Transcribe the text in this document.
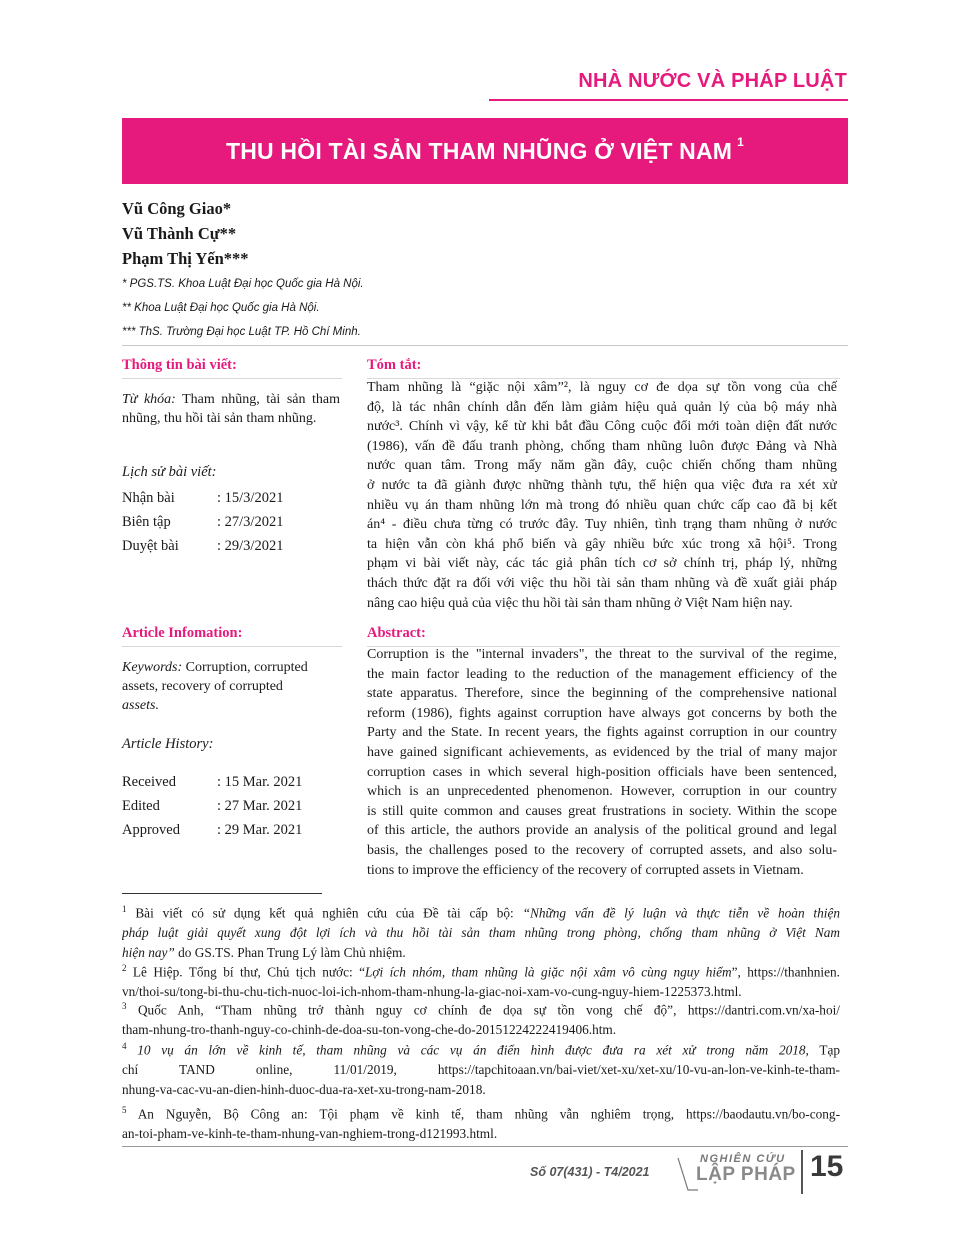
NHÀ NƯỚC VÀ PHÁP LUẬT
THU HỒI TÀI SẢN THAM NHŨNG Ở VIỆT NAM $^1$
Vũ Công Giao*
Vũ Thành Cự**
Phạm Thị Yến***
* PGS.TS. Khoa Luật Đại học Quốc gia Hà Nội.
** Khoa Luật Đại học Quốc gia Hà Nội.
*** ThS. Trường Đại học Luật TP. Hồ Chí Minh.
Thông tin bài viết:
Từ khóa: Tham nhũng, tài sản tham nhũng, thu hồi tài sản tham nhũng.
Lịch sử bài viết:
Nhận bài	: 15/3/2021
Biên tập	: 27/3/2021
Duyệt bài	: 29/3/2021
Tóm tắt:
Tham nhũng là “giặc nội xâm”², là nguy cơ đe dọa sự tồn vong của chế
độ, là tác nhân chính dẫn đến làm giảm hiệu quả quản lý của bộ máy nhà
nước³. Chính vì vậy, kể từ khi bắt đầu Công cuộc đổi mới toàn diện đất nước
(1986), vấn đề đấu tranh phòng, chống tham nhũng luôn được Đảng và Nhà
nước quan tâm. Trong mấy năm gần đây, cuộc chiến chống tham nhũng
ở nước ta đã giành được những thành tựu, thể hiện qua việc đưa ra xét xử
nhiều vụ án tham nhũng lớn mà trong đó nhiều quan chức cấp cao đã bị kết
án⁴ - điều chưa từng có trước đây. Tuy nhiên, tình trạng tham nhũng ở nước
ta hiện vẫn còn khá phổ biến và gây nhiều bức xúc trong xã hội⁵. Trong
phạm vi bài viết này, các tác giả phân tích cơ sở chính trị, pháp lý, những
thách thức đặt ra đối với việc thu hồi tài sản tham nhũng và đề xuất giải pháp
nâng cao hiệu quả của việc thu hồi tài sản tham nhũng ở Việt Nam hiện nay.
Article Infomation:
Keywords: Corruption, corrupted assets, recovery of corrupted
assets.
Article History:
Received	: 15 Mar. 2021
Edited	: 27 Mar. 2021
Approved	: 29 Mar. 2021
Abstract:
Corruption is the "internal invaders", the threat to the survival of the regime,
the main factor leading to the reduction of the management efficiency of the
state apparatus. Therefore, since the beginning of the comprehensive national
reform (1986), fights against corruption have always got concerns by both the
Party and the State. In recent years, the fights against corruption in our country
have gained significant achievements, as evidenced by the trial of many major
corruption cases in which several high-position officials have been sentenced,
which is an unprecedented phenomenon. However, corruption in our country
is still quite common and causes great frustrations in society. Within the scope
of this article, the authors provide an analysis of the political ground and legal
basis, the challenges posed to the recovery of corrupted assets, and also solu-
tions to improve the efficiency of the recovery of corrupted assets in Vietnam.
$^1$ Bài viết có sử dụng kết quả nghiên cứu của Đề tài cấp bộ: “Những vấn đề lý luận và thực tiễn về hoàn thiện
pháp luật giải quyết xung đột lợi ích và thu hồi tài sản tham nhũng trong phòng, chống tham nhũng ở Việt Nam
hiện nay” do GS.TS. Phan Trung Lý làm Chủ nhiệm.
$^2$ Lê Hiệp. Tổng bí thư, Chủ tịch nước: “Lợi ích nhóm, tham nhũng là giặc nội xâm vô cùng nguy hiểm”, https://thanhnien.
vn/thoi-su/tong-bi-thu-chu-tich-nuoc-loi-ich-nhom-tham-nhung-la-giac-noi-xam-vo-cung-nguy-hiem-1225373.html.
$^3$ Quốc Anh, “Tham nhũng trở thành nguy cơ chính đe dọa sự tồn vong chế độ”, https://dantri.com.vn/xa-hoi/
tham-nhung-tro-thanh-nguy-co-chinh-de-doa-su-ton-vong-che-do-20151224222419406.htm.
$^4$ 10 vụ án lớn về kinh tế, tham nhũng và các vụ án điển hình được đưa ra xét xử trong năm 2018, Tạp
chí TAND online, 11/01/2019, https://tapchitoaan.vn/bai-viet/xet-xu/xet-xu/10-vu-an-lon-ve-kinh-te-tham-
nhung-va-cac-vu-an-dien-hinh-duoc-dua-ra-xet-xu-trong-nam-2018.
$^5$ An Nguyễn, Bộ Công an: Tội phạm về kinh tế, tham nhũng vẫn nghiêm trọng, https://baodautu.vn/bo-cong-
an-toi-pham-ve-kinh-te-tham-nhung-van-nghiem-trong-d121993.html.
Số 07(431) - T4/2021
NGHIÊN CỨU
LẬP PHÁP 15
